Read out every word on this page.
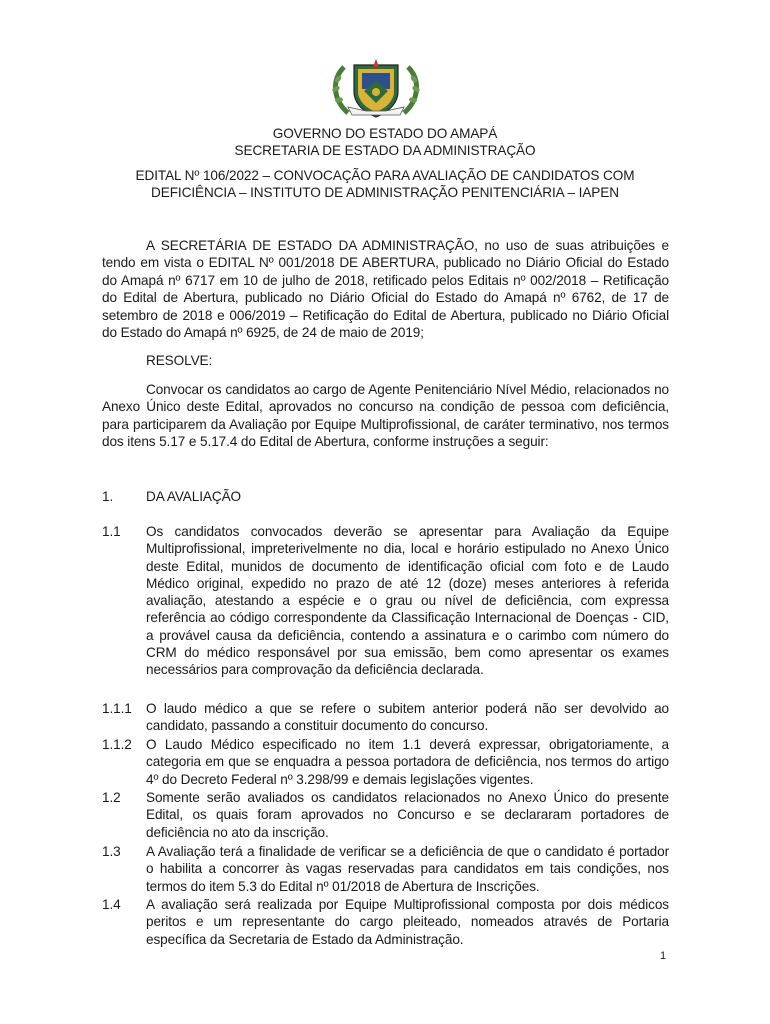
GOVERNO DO ESTADO DO AMAPÁ
SECRETARIA DE ESTADO DA ADMINISTRAÇÃO
EDITAL Nº 106/2022 – CONVOCAÇÃO PARA AVALIAÇÃO DE CANDIDATOS COM
DEFICIÊNCIA – INSTITUTO DE ADMINISTRAÇÃO PENITENCIÁRIA – IAPEN
A SECRETÁRIA DE ESTADO DA ADMINISTRAÇÃO, no uso de suas atribuições e tendo em vista o EDITAL Nº 001/2018 DE ABERTURA, publicado no Diário Oficial do Estado do Amapá nº 6717 em 10 de julho de 2018, retificado pelos Editais nº 002/2018 – Retificação do Edital de Abertura, publicado no Diário Oficial do Estado do Amapá nº 6762, de 17 de setembro de 2018 e 006/2019 – Retificação do Edital de Abertura, publicado no Diário Oficial do Estado do Amapá nº 6925, de 24 de maio de 2019;
RESOLVE:
Convocar os candidatos ao cargo de Agente Penitenciário Nível Médio, relacionados no Anexo Único deste Edital, aprovados no concurso na condição de pessoa com deficiência, para participarem da Avaliação por Equipe Multiprofissional, de caráter terminativo, nos termos dos itens 5.17 e 5.17.4 do Edital de Abertura, conforme instruções a seguir:
1.	DA AVALIAÇÃO
1.1	Os candidatos convocados deverão se apresentar para Avaliação da Equipe Multiprofissional, impreterivelmente no dia, local e horário estipulado no Anexo Único deste Edital, munidos de documento de identificação oficial com foto e de Laudo Médico original, expedido no prazo de até 12 (doze) meses anteriores à referida avaliação, atestando a espécie e o grau ou nível de deficiência, com expressa referência ao código correspondente da Classificação Internacional de Doenças - CID, a provável causa da deficiência, contendo a assinatura e o carimbo com número do CRM do médico responsável por sua emissão, bem como apresentar os exames necessários para comprovação da deficiência declarada.
1.1.1	O laudo médico a que se refere o subitem anterior poderá não ser devolvido ao candidato, passando a constituir documento do concurso.
1.1.2	O Laudo Médico especificado no item 1.1 deverá expressar, obrigatoriamente, a categoria em que se enquadra a pessoa portadora de deficiência, nos termos do artigo 4º do Decreto Federal nº 3.298/99 e demais legislações vigentes.
1.2	Somente serão avaliados os candidatos relacionados no Anexo Único do presente Edital, os quais foram aprovados no Concurso e se declararam portadores de deficiência no ato da inscrição.
1.3	A Avaliação terá a finalidade de verificar se a deficiência de que o candidato é portador o habilita a concorrer às vagas reservadas para candidatos em tais condições, nos termos do item 5.3 do Edital nº 01/2018 de Abertura de Inscrições.
1.4	A avaliação será realizada por Equipe Multiprofissional composta por dois médicos peritos e um representante do cargo pleiteado, nomeados através de Portaria específica da Secretaria de Estado da Administração.
1
